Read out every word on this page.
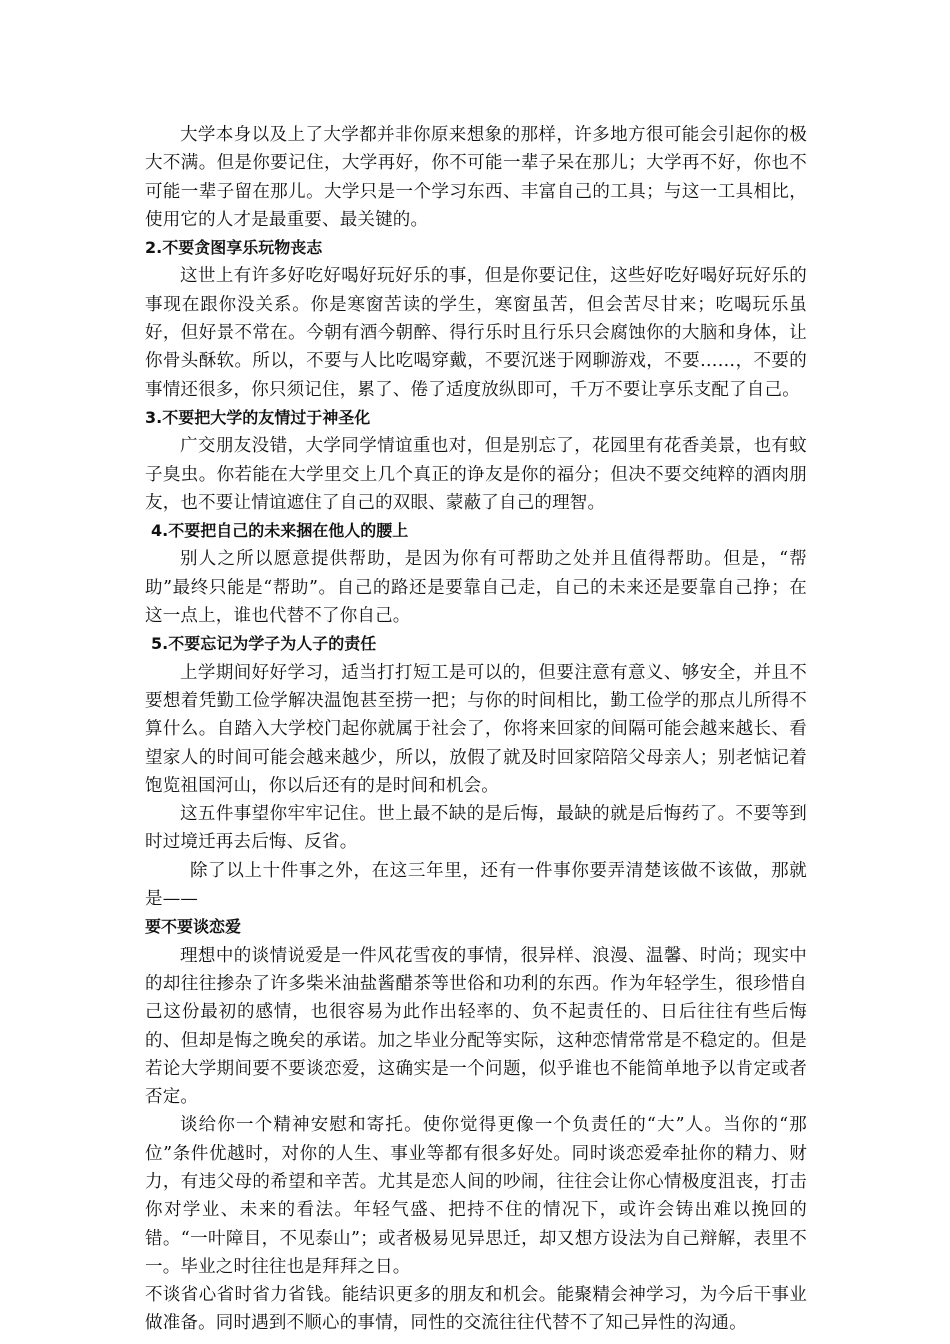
大学本身以及上了大学都并非你原来想象的那样，许多地方很可能会引起你的极大不满。但是你要记住，大学再好，你不可能一辈子呆在那儿；大学再不好，你也不可能一辈子留在那儿。大学只是一个学习东西、丰富自己的工具；与这一工具相比，使用它的人才是最重要、最关键的。

2.不要贪图享乐玩物丧志

这世上有许多好吃好喝好玩好乐的事，但是你要记住，这些好吃好喝好玩好乐的事现在跟你没关系。你是寒窗苦读的学生，寒窗虽苦，但会苦尽甘来；吃喝玩乐虽好，但好景不常在。今朝有酒今朝醉、得行乐时且行乐只会腐蚀你的大脑和身体，让你骨头酥软。所以，不要与人比吃喝穿戴，不要沉迷于网聊游戏，不要……，不要的事情还很多，你只须记住，累了、倦了适度放纵即可，千万不要让享乐支配了自己。

3.不要把大学的友情过于神圣化

广交朋友没错，大学同学情谊重也对，但是别忘了，花园里有花香美景，也有蚊子臭虫。你若能在大学里交上几个真正的诤友是你的福分；但决不要交纯粹的酒肉朋友，也不要让情谊遮住了自己的双眼、蒙蔽了自己的理智。

4.不要把自己的未来捆在他人的腰上

别人之所以愿意提供帮助，是因为你有可帮助之处并且值得帮助。但是，“帮助”最终只能是“帮助”。自己的路还是要靠自己走，自己的未来还是要靠自己挣；在这一点上，谁也代替不了你自己。

5.不要忘记为学子为人子的责任

上学期间好好学习，适当打打短工是可以的，但要注意有意义、够安全，并且不要想着凭勤工俭学解决温饱甚至捞一把；与你的时间相比，勤工俭学的那点儿所得不算什么。自踏入大学校门起你就属于社会了，你将来回家的间隔可能会越来越长、看望家人的时间可能会越来越少，所以，放假了就及时回家陪陪父母亲人；别老惦记着饱览祖国河山，你以后还有的是时间和机会。

这五件事望你牢牢记住。世上最不缺的是后悔，最缺的就是后悔药了。不要等到时过境迁再去后悔、反省。

除了以上十件事之外，在这三年里，还有一件事你要弄清楚该做不该做，那就是——

要不要谈恋爱

理想中的谈情说爱是一件风花雪夜的事情，很异样、浪漫、温馨、时尚；现实中的却往往掺杂了许多柴米油盐酱醋茶等世俗和功利的东西。作为年轻学生，很珍惜自己这份最初的感情，也很容易为此作出轻率的、负不起责任的、日后往往有些后悔的、但却是悔之晚矣的承诺。加之毕业分配等实际，这种恋情常常是不稳定的。但是若论大学期间要不要谈恋爱，这确实是一个问题，似乎谁也不能简单地予以肯定或者否定。

谈给你一个精神安慰和寄托。使你觉得更像一个负责任的“大”人。当你的“那位”条件优越时，对你的人生、事业等都有很多好处。同时谈恋爱牵扯你的精力、财力，有违父母的希望和辛苦。尤其是恋人间的吵闹，往往会让你心情极度沮丧，打击你对学业、未来的看法。年轻气盛、把持不住的情况下，或许会铸出难以挽回的错。“一叶障目，不见泰山”；或者极易见异思迁，却又想方设法为自己辩解，表里不一。毕业之时往往也是拜拜之日。

不谈省心省时省力省钱。能结识更多的朋友和机会。能聚精会神学习，为今后干事业做准备。同时遇到不顺心的事情，同性的交流往往代替不了知己异性的沟通。
